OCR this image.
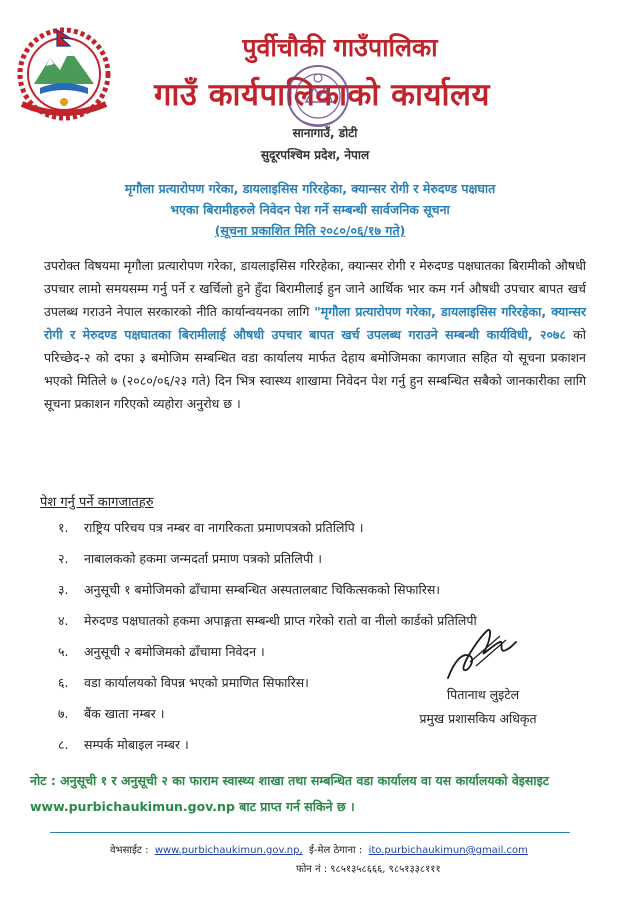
पुर्वीचौकी गाउँपालिका
गाउँ कार्यपालिकाको कार्यालय
सानागाउँ, डोटी
सुदूरपश्चिम प्रदेश, नेपाल
मृगौला प्रत्यारोपण गरेका, डायलाइसिस गरिरहेका, क्यान्सर रोगी र मेरुदण्ड पक्षघात
भएका बिरामीहरुले निवेदन पेश गर्ने सम्बन्धी सार्वजनिक सूचना
(सूचना प्रकाशित मिति २०८०/०६/१७ गते)
उपरोक्त विषयमा मृगौला प्रत्यारोपण गरेका, डायलाइसिस गरिरहेका, क्यान्सर रोगी र मेरुदण्ड पक्षघातका बिरामीको औषधी उपचार लामो समयसम्म गर्नु पर्ने र खर्चिलो हुने हुँदा बिरामीलाई हुन जाने आर्थिक भार कम गर्न औषधी उपचार बापत खर्च उपलब्ध गराउने नेपाल सरकारको नीति कार्यान्वयनका लागि "मृगौला प्रत्यारोपण गरेका, डायलाइसिस गरिरहेका, क्यान्सर रोगी र मेरुदण्ड पक्षघातका बिरामीलाई औषधी उपचार बापत खर्च उपलब्ध गराउने सम्बन्धी कार्यविधी, २०७८ को परिच्छेद-२ को दफा ३ बमोजिम सम्बन्धित वडा कार्यालय मार्फत देहाय बमोजिमका कागजात सहित यो सूचना प्रकाशन भएको मितिले ७ (२०८०/०६/२३ गते) दिन भित्र स्वास्थ्य शाखामा निवेदन पेश गर्नु हुन सम्बन्धित सबैको जानकारीका लागि सूचना प्रकाशन गरिएको व्यहोरा अनुरोध छ ।
पेश गर्नु पर्ने कागजातहरु
१. राष्ट्रिय परिचय पत्र नम्बर वा नागरिकता प्रमाणपत्रको प्रतिलिपि ।
२. नाबालकको हकमा जन्मदर्ता प्रमाण पत्रको प्रतिलिपी ।
३. अनुसूची १ बमोजिमको ढाँचामा सम्बन्धित अस्पतालबाट चिकित्सकको सिफारिस।
४. मेरुदण्ड पक्षघातको हकमा अपाङ्गता सम्बन्धी प्राप्त गरेको रातो वा नीलो कार्डको प्रतिलिपी
५. अनुसूची २ बमोजिमको ढाँचामा निवेदन ।
६. वडा कार्यालयको विपन्न भएको प्रमाणित सिफारिस।
७. बैंक खाता नम्बर ।
८. सम्पर्क मोबाइल नम्बर ।
पितानाथ लुइटेल
प्रमुख प्रशासकिय अधिकृत
नोट : अनुसूची १ र अनुसूची २ का फाराम स्वास्थ्य शाखा तथा सम्बन्धित वडा कार्यालय वा यस कार्यालयको वेइसाइट www.purbichaukimun.gov.np बाट प्राप्त गर्न सकिने छ ।
वेभसाईट : www.purbichaukimun.gov.np, ई-मेल ठेगाना : ito.purbichaukimun@gmail.com
फोन नं : ९८५१३५८६६६, ९८५१३३८१११
